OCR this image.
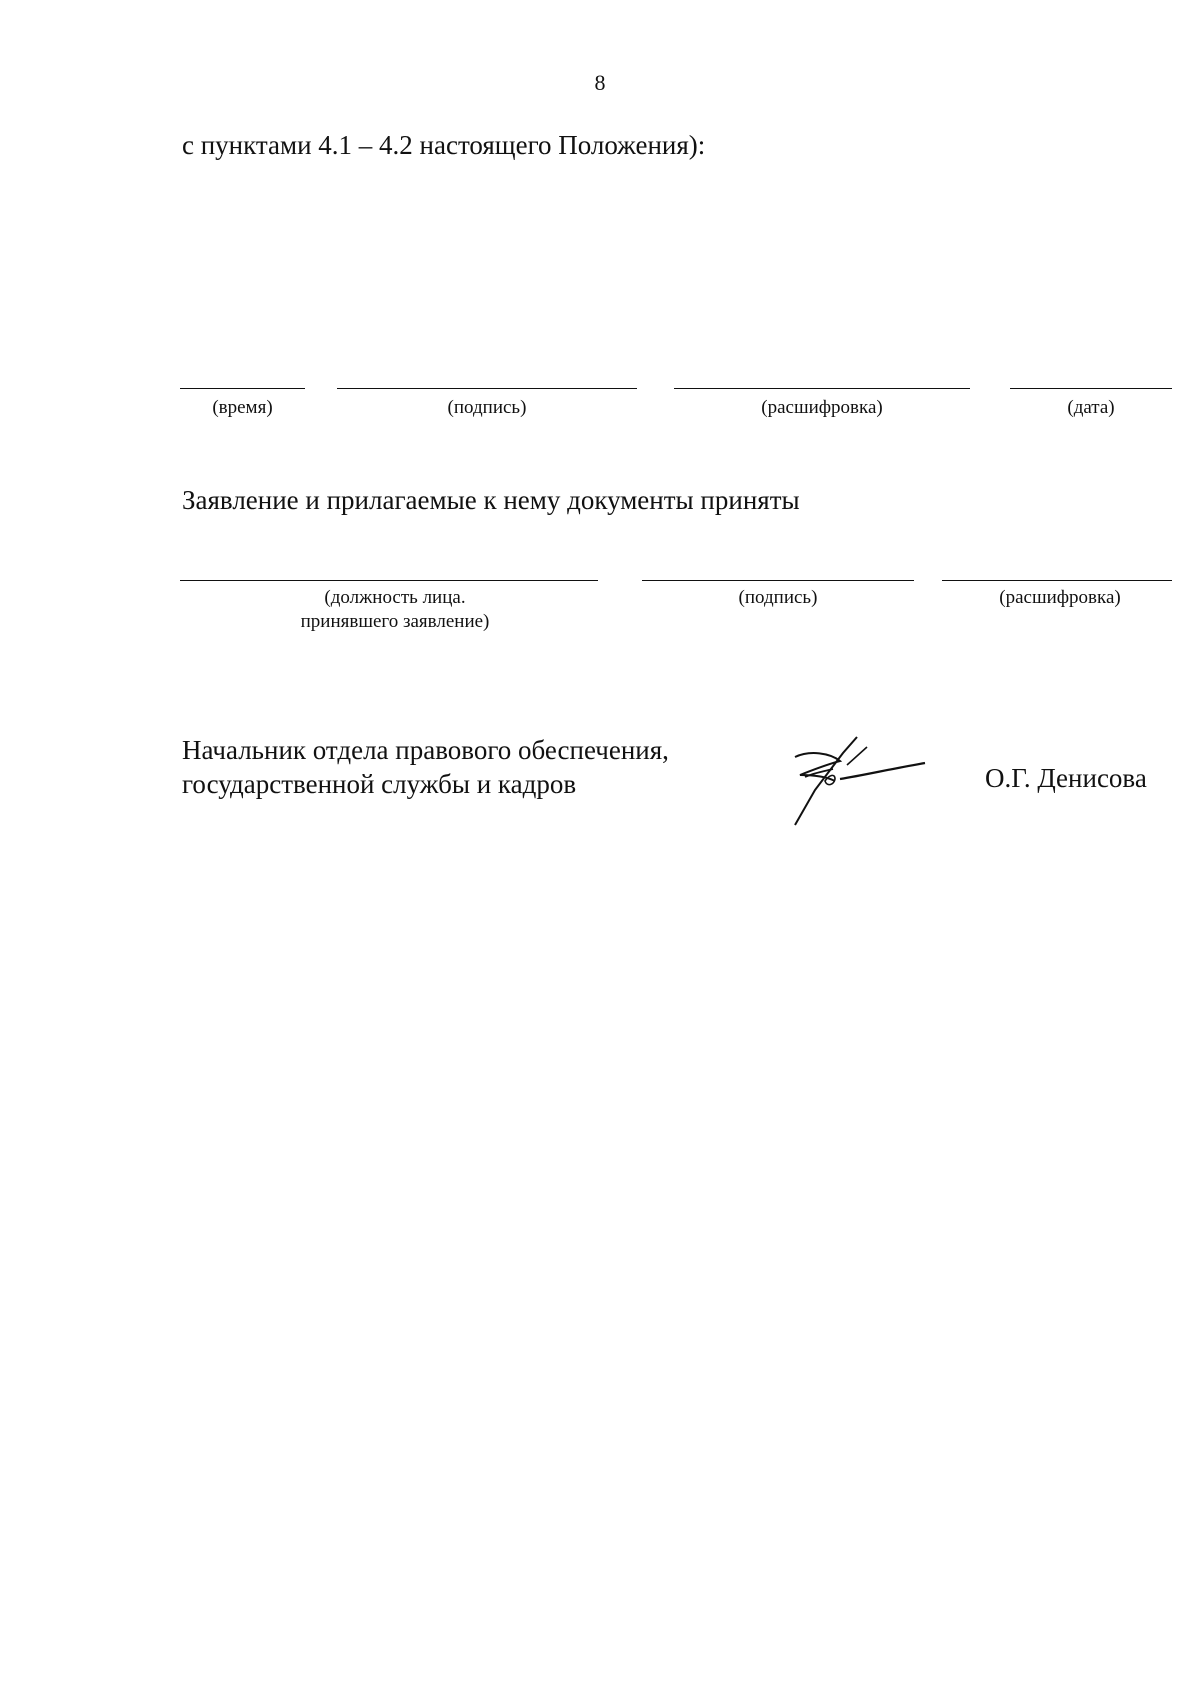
8
с пунктами 4.1 – 4.2 настоящего Положения):
(время)	(подпись)	(расшифровка)	(дата)
Заявление и прилагаемые к нему документы приняты
(должность лица.
принявшего заявление)
(подпись)	(расшифровка)
Начальник отдела правового обеспечения,
государственной службы и кадров	О.Г. Денисова
